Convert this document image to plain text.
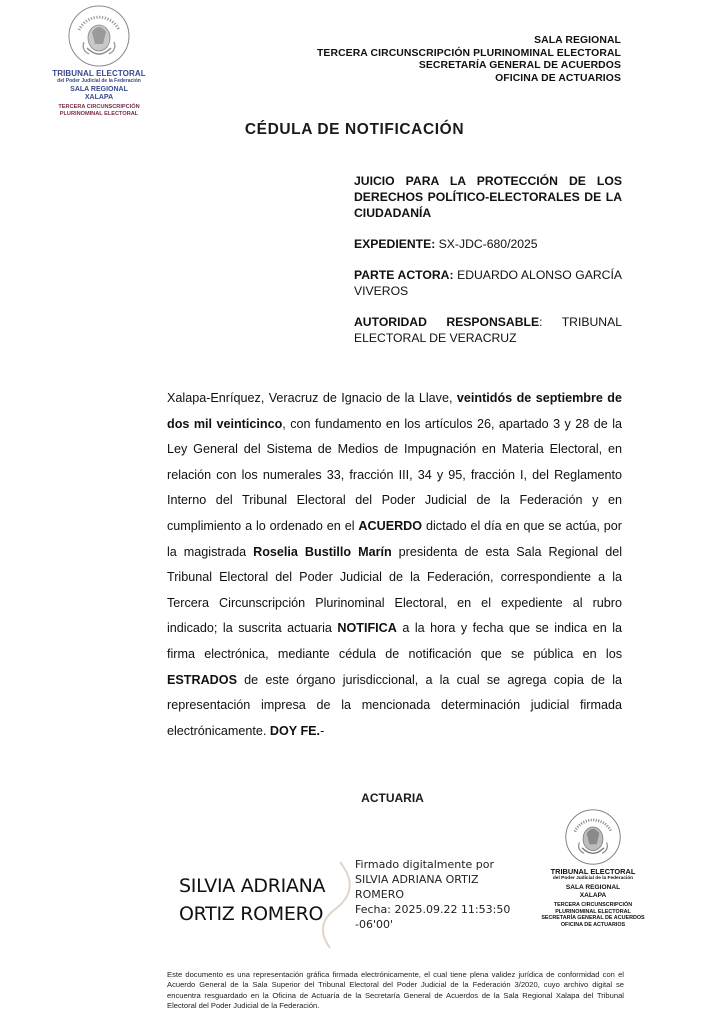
TRIBUNAL ELECTORAL
del Poder Judicial de la Federación
SALA REGIONAL
XALAPA
TERCERA CIRCUNSCRIPCIÓN
PLURINOMINAL ELECTORAL
SALA REGIONAL
TERCERA CIRCUNSCRIPCIÓN PLURINOMINAL ELECTORAL
SECRETARÍA GENERAL DE ACUERDOS
OFICINA DE ACTUARIOS
CÉDULA DE NOTIFICACIÓN

JUICIO PARA LA PROTECCIÓN DE LOS DERECHOS POLÍTICO-ELECTORALES DE LA CIUDADANÍA

EXPEDIENTE: SX-JDC-680/2025

PARTE ACTORA: EDUARDO ALONSO GARCÍA VIVEROS

AUTORIDAD RESPONSABLE: TRIBUNAL ELECTORAL DE VERACRUZ

Xalapa-Enríquez, Veracruz de Ignacio de la Llave, veintidós de septiembre de dos mil veinticinco, con fundamento en los artículos 26, apartado 3 y 28 de la Ley General del Sistema de Medios de Impugnación en Materia Electoral, en relación con los numerales 33, fracción III, 34 y 95, fracción I, del Reglamento Interno del Tribunal Electoral del Poder Judicial de la Federación y en cumplimiento a lo ordenado en el ACUERDO dictado el día en que se actúa, por la magistrada Roselia Bustillo Marín presidenta de esta Sala Regional del Tribunal Electoral del Poder Judicial de la Federación, correspondiente a la Tercera Circunscripción Plurinominal Electoral, en el expediente al rubro indicado; la suscrita actuaria NOTIFICA a la hora y fecha que se indica en la firma electrónica, mediante cédula de notificación que se pública en los ESTRADOS de este órgano jurisdiccional, a la cual se agrega copia de la representación impresa de la mencionada determinación judicial firmada electrónicamente. DOY FE.-
ACTUARIA
SILVIA ADRIANA
ORTIZ ROMERO
Firmado digitalmente por
SILVIA ADRIANA ORTIZ
ROMERO
Fecha: 2025.09.22 11:53:50
-06'00'
TRIBUNAL ELECTORAL
del Poder Judicial de la Federación
SALA REGIONAL
XALAPA
TERCERA CIRCUNSCRIPCIÓN
PLURINOMINAL ELECTORAL
SECRETARÍA GENERAL DE ACUERDOS
OFICINA DE ACTUARIOS
Este documento es una representación gráfica firmada electrónicamente, el cual tiene plena validez jurídica de conformidad con el Acuerdo General de la Sala Superior del Tribunal Electoral del Poder Judicial de la Federación 3/2020, cuyo archivo digital se encuentra resguardado en la Oficina de Actuaría de la Secretaría General de Acuerdos de la Sala Regional Xalapa del Tribunal Electoral del Poder Judicial de la Federación.
